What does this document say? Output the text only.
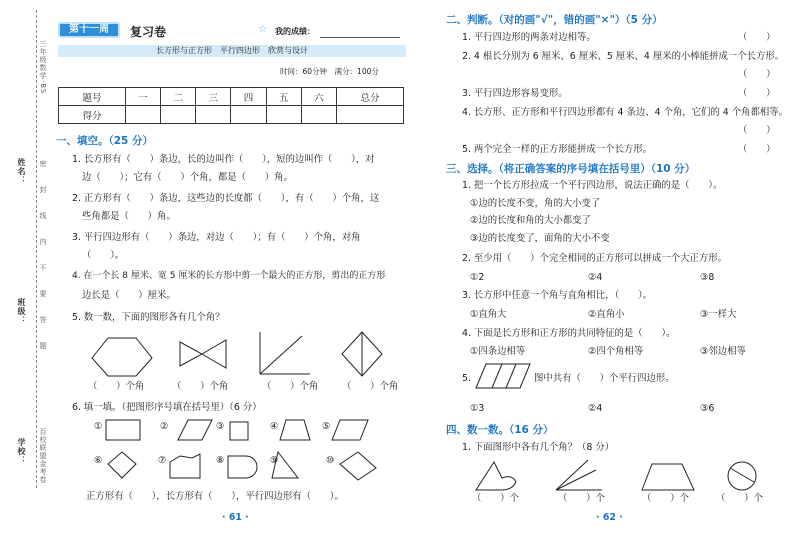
三年级数学·BS
密　封　线　内　不　要　答　题
百校联盟金考卷
姓名：
班级：
学校：
第十一周	复习卷	☆ 我的成绩：
长方形与正方形　平行四边形　欣赏与设计
时间：60分钟　满分：100分
题号	一	二	三	四	五	六	总分
得分							
一、填空。（25 分）
1. 长方形有（　　）条边，长的边叫作（　　），短的边叫作（　　），对
边（　　）；它有（　　）个角，都是（　　）角。
2. 正方形有（　　）条边，这些边的长度都（　　），有（　　）个角，这
些角都是（　　）角。
3. 平行四边形有（　　）条边，对边（　　）；有（　　）个角，对角
（　　）。
4. 在一个长 8 厘米、宽 5 厘米的长方形中剪一个最大的正方形，剪出的正方形
边长是（　　）厘米。
5. 数一数，下面的图形各有几个角？
（　　）个角	（　　）个角	（　　）个角	（　　）个角
6. 填一填。（把图形序号填在括号里）（6 分）
①	②	③	④	⑤
⑥	⑦	⑧	⑨	⑩
正方形有（　　），长方形有（　　），平行四边形有（　　）。
· 61 ·
二、判断。（对的画"√"，错的画"×"）（5 分）
1. 平行四边形的两条对边相等。	（　　）
2. 4 根长分别为 6 厘米、6 厘米、5 厘米、4 厘米的小棒能拼成一个长方形。
（　　）
3. 平行四边形容易变形。	（　　）
4. 长方形、正方形和平行四边形都有 4 条边、4 个角，它们的 4 个角都相等。
（　　）
5. 两个完全一样的正方形能拼成一个长方形。	（　　）
三、选择。（将正确答案的序号填在括号里）（10 分）
1. 把一个长方形拉成一个平行四边形，说法正确的是（　　）。
①边的长度不变，角的大小变了
②边的长度和角的大小都变了
③边的长度变了，面角的大小不变
2. 至少用（　　）个完全相同的正方形可以拼成一个大正方形。
①2	②4	③8
3. 长方形中任意一个角与直角相比，（　　）。
①直角大	②直角小	③一样大
4. 下面是长方形和正方形的共同特征的是（　　）。
①四条边相等	②四个角相等	③邻边相等
5.	图中共有（　　）个平行四边形。
①3	②4	③6
四、数一数。（16 分）
1. 下面图形中各有几个角？（8 分）
（　　）个	（　　）个	（　　）个	（　　）个
· 62 ·
